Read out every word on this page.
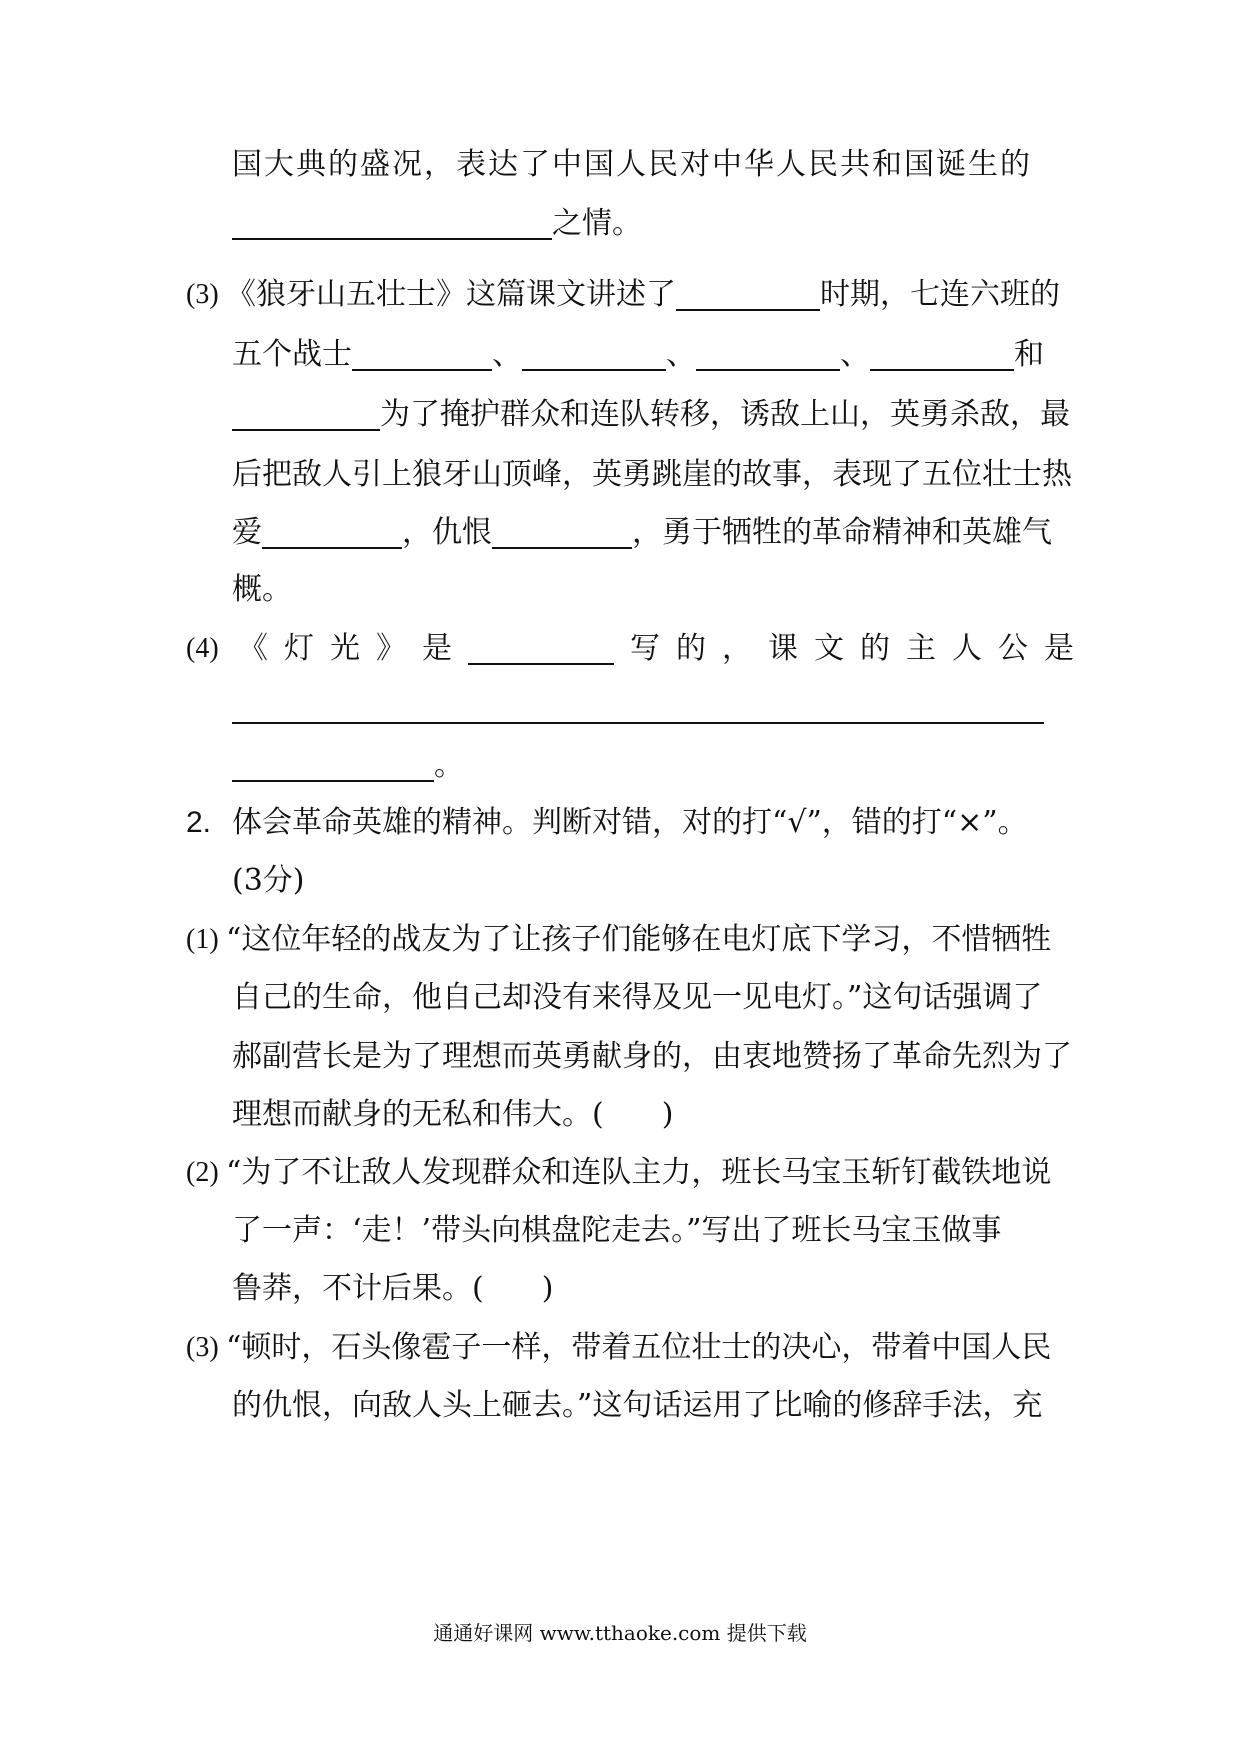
国大典的盛况，表达了中国人民对中华人民共和国诞生的
之情。
(3) 《狼牙山五壮士》这篇课文讲述了	时期，七连六班的
五个战士	、	、	、	和
为了掩护群众和连队转移，诱敌上山，英勇杀敌，最
后把敌人引上狼牙山顶峰，英勇跳崖的故事，表现了五位壮士热
爱	，仇恨	，勇于牺牲的革命精神和英雄气
概。
(4) 《灯光》是	写的，课文的主人公是
。
2. 体会革命英雄的精神。判断对错，对的打“√”，错的打“×”。
(3分)
(1) “这位年轻的战友为了让孩子们能够在电灯底下学习，不惜牺牲
自己的生命，他自己却没有来得及见一见电灯。”这句话强调了
郝副营长是为了理想而英勇献身的，由衷地赞扬了革命先烈为了
理想而献身的无私和伟大。( )
(2) “为了不让敌人发现群众和连队主力，班长马宝玉斩钉截铁地说
了一声：‘走！’带头向棋盘陀走去。”写出了班长马宝玉做事
鲁莽，不计后果。( )
(3) “顿时，石头像雹子一样，带着五位壮士的决心，带着中国人民
的仇恨，向敌人头上砸去。”这句话运用了比喻的修辞手法，充
通通好课网 www.tthaoke.com 提供下载
